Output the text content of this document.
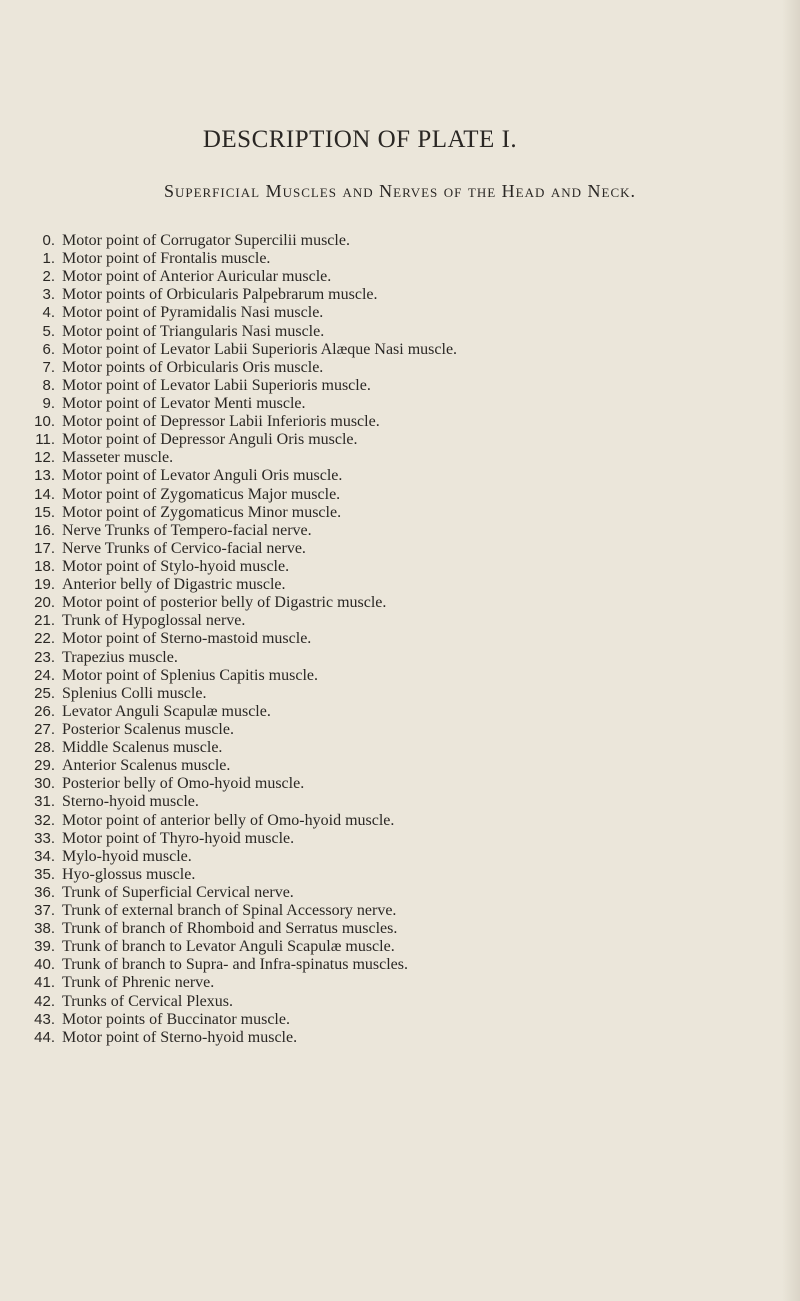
DESCRIPTION OF PLATE I.
Superficial Muscles and Nerves of the Head and Neck.
0. Motor point of Corrugator Supercilii muscle.
1. Motor point of Frontalis muscle.
2. Motor point of Anterior Auricular muscle.
3. Motor points of Orbicularis Palpebrarum muscle.
4. Motor point of Pyramidalis Nasi muscle.
5. Motor point of Triangularis Nasi muscle.
6. Motor point of Levator Labii Superioris Alæque Nasi muscle.
7. Motor points of Orbicularis Oris muscle.
8. Motor point of Levator Labii Superioris muscle.
9. Motor point of Levator Menti muscle.
10. Motor point of Depressor Labii Inferioris muscle.
11. Motor point of Depressor Anguli Oris muscle.
12. Masseter muscle.
13. Motor point of Levator Anguli Oris muscle.
14. Motor point of Zygomaticus Major muscle.
15. Motor point of Zygomaticus Minor muscle.
16. Nerve Trunks of Tempero-facial nerve.
17. Nerve Trunks of Cervico-facial nerve.
18. Motor point of Stylo-hyoid muscle.
19. Anterior belly of Digastric muscle.
20. Motor point of posterior belly of Digastric muscle.
21. Trunk of Hypoglossal nerve.
22. Motor point of Sterno-mastoid muscle.
23. Trapezius muscle.
24. Motor point of Splenius Capitis muscle.
25. Splenius Colli muscle.
26. Levator Anguli Scapulæ muscle.
27. Posterior Scalenus muscle.
28. Middle Scalenus muscle.
29. Anterior Scalenus muscle.
30. Posterior belly of Omo-hyoid muscle.
31. Sterno-hyoid muscle.
32. Motor point of anterior belly of Omo-hyoid muscle.
33. Motor point of Thyro-hyoid muscle.
34. Mylo-hyoid muscle.
35. Hyo-glossus muscle.
36. Trunk of Superficial Cervical nerve.
37. Trunk of external branch of Spinal Accessory nerve.
38. Trunk of branch of Rhomboid and Serratus muscles.
39. Trunk of branch to Levator Anguli Scapulæ muscle.
40. Trunk of branch to Supra- and Infra-spinatus muscles.
41. Trunk of Phrenic nerve.
42. Trunks of Cervical Plexus.
43. Motor points of Buccinator muscle.
44. Motor point of Sterno-hyoid muscle.
